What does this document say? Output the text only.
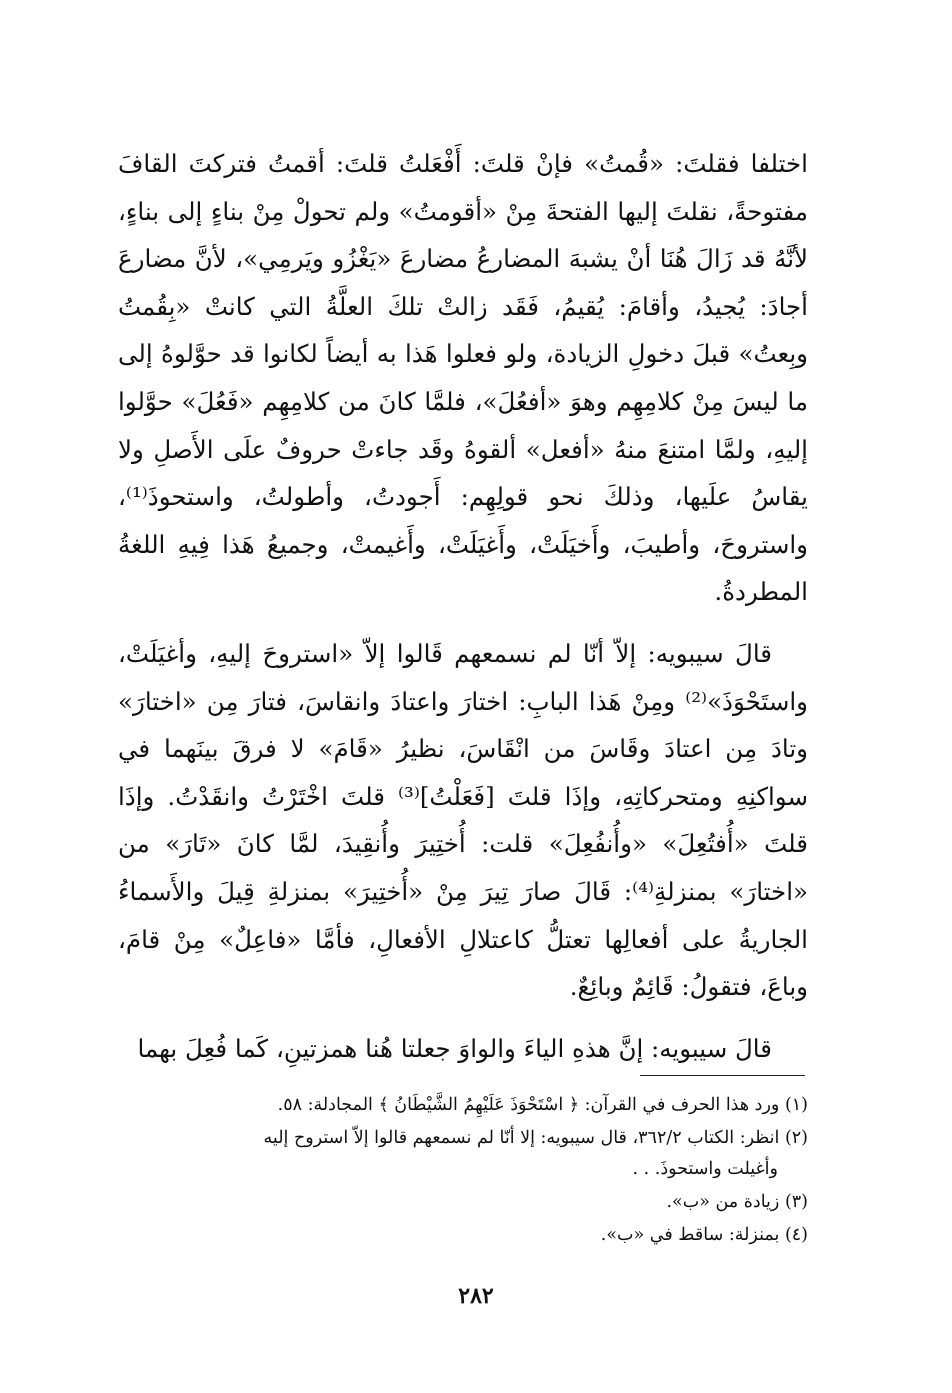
اختلفا فقلتَ: «قُمتُ» فإنْ قلتَ: أَفْعَلتُ قلتَ: أقمتُ فتركتَ القافَ مفتوحةً، نقلتَ إليها الفتحةَ مِنْ «أقومتُ» ولم تحولْ مِنْ بناءٍ إلى بناءٍ، لأنَّهُ قد زَالَ هُنَا أنْ يشبهَ المضارعُ مضارعَ «يَغْزُو ويَرمِي»، لأنَّ مضارعَ أجادَ: يُجيدُ، وأقامَ: يُقيمُ، فَقَد زالتْ تلكَ العلَّةُ التي كانتْ «بِقُمتُ وبِعتُ» قبلَ دخولِ الزيادة، ولو فعلوا هَذا به أيضاً لكانوا قد حوَّلوهُ إلى ما ليسَ مِنْ كلامِهِم وهوَ «أفعُلَ»، فلمَّا كانَ من كلامِهِم «فَعُلَ» حوَّلوا إليهِ، ولمَّا امتنعَ منهُ «أفعل» ألقوهُ وقَد جاءتْ حروفٌ علَى الأَصلِ ولا يقاسُ علَيها، وذلكَ نحو قولِهِم: أَجودتُ، وأطولتُ، واستحوذَ⁽¹⁾، واستروحَ، وأطيبَ، وأَخيَلَتْ، وأَغيَلَتْ، وأَغيمتْ، وجميعُ هَذا فِيهِ اللغةُ المطردةُ.

قالَ سيبويه: إلاّ أنّا لم نسمعهم قَالوا إلاّ «استروحَ إليهِ، وأغيَلَتْ، واستَحْوَذَ»⁽²⁾ ومِنْ هَذا البابِ: اختارَ واعتادَ وانقاسَ، فتارَ مِن «اختارَ» وتادَ مِن اعتادَ وقَاسَ من انْقَاسَ، نظيرُ «قَامَ» لا فرقَ بينَهما في سواكنِهِ ومتحركاتِهِ، وإذَا قلتَ [فَعَلْتُ]⁽³⁾ قلتَ اخْتَرْتُ وانقَدْتُ. وإذَا قلتَ «أُفتُعِلَ» «وأُنفُعِلَ» قلت: أُختِيرَ وأُنقِيدَ، لمَّا كانَ «تَارَ» من «اختارَ» بمنزلةِ⁽⁴⁾: قَالَ صارَ تِيرَ مِنْ «أُختِيرَ» بمنزلةِ قِيلَ والأَسماءُ الجاريةُ على أفعالِها تعتلُّ كاعتلالِ الأفعالِ، فأمَّا «فاعِلٌ» مِنْ قامَ، وباعَ، فتقولُ: قَائِمٌ وبائِعٌ.

قالَ سيبويه: إنَّ هذهِ الياءَ والواوَ جعلتا هُنا همزتينِ، كَما فُعِلَ بهما

(١) ورد هذا الحرف في القرآن: ﴿ اسْتَحْوَذَ عَلَيْهِمُ الشَّيْطَانُ ﴾ المجادلة: ٥٨.
(٢) انظر: الكتاب ٣٦٢/٢، قال سيبويه: إلا أنّا لم نسمعهم قالوا إلاّ استروح إليه
وأغيلت واستحوذَ. . .
(٣) زيادة من «ب».
(٤) بمنزلة: ساقط في «ب».
٢٨٢
